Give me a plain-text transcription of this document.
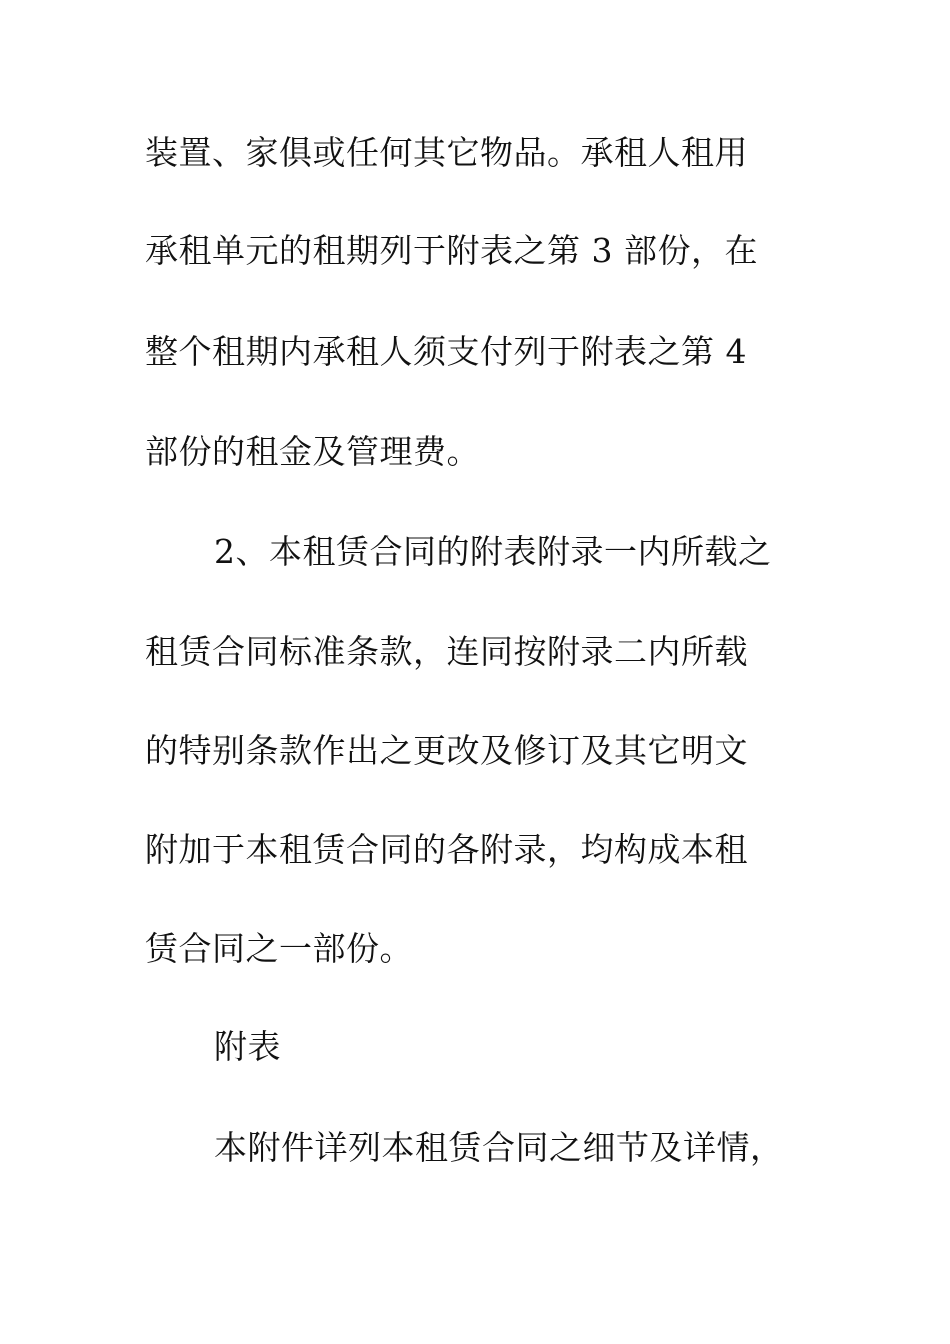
装置、家俱或任何其它物品。承租人租用
承租单元的租期列于附表之第 3 部份，在
整个租期内承租人须支付列于附表之第 4
部份的租金及管理费。
2、本租赁合同的附表附录一内所载之
租赁合同标准条款，连同按附录二内所载
的特别条款作出之更改及修订及其它明文
附加于本租赁合同的各附录，均构成本租
赁合同之一部份。
附表
本附件详列本租赁合同之细节及详情，
